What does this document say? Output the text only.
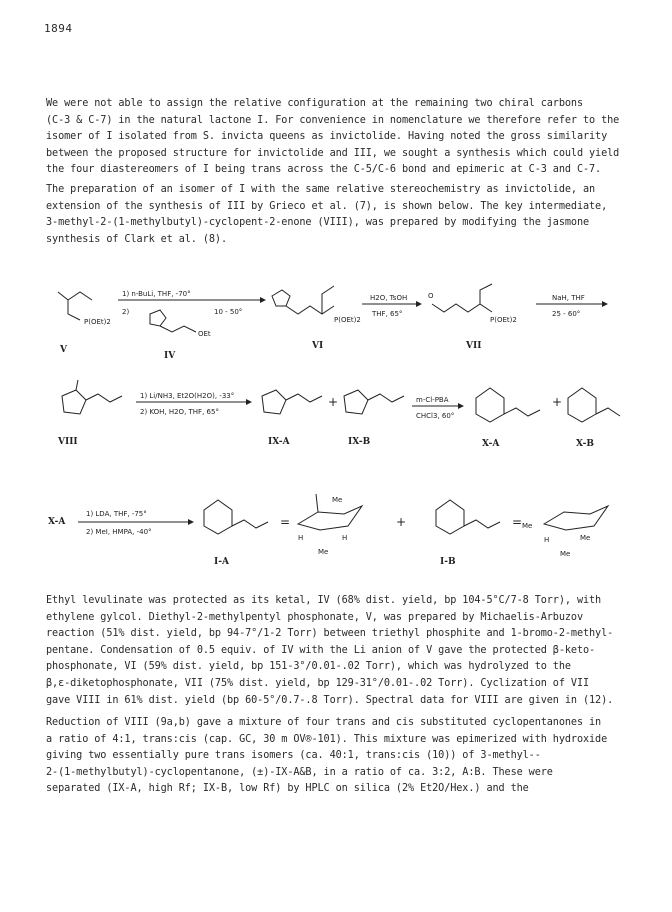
1894
We were not able to assign the relative configuration at the remaining two chiral carbons
(C-3 & C-7) in the natural lactone I. For convenience in nomenclature we therefore refer to the
isomer of I isolated from S. invicta queens as invictolide. Having noted the gross similarity
between the proposed structure for invictolide and III, we sought a synthesis which could yield
the four diastereomers of I being trans across the C-5/C-6 bond and epimeric at C-3 and C-7.
The preparation of an isomer of I with the same relative stereochemistry as invictolide, an
extension of the synthesis of III by Grieco et al. (7), is shown below. The key intermediate,
3-methyl-2-(1-methylbutyl)-cyclopent-2-enone (VIII), was prepared by modifying the jasmone
synthesis of Clark et al. (8).
P(OEt)2
V
1) n-BuLi, THF, -70°
2)	10 - 50°
OEt
IV
P(OEt)2
VI
H2O, TsOH
THF, 65°
O
P(OEt)2
VII
NaH, THF
25 - 60°
VIII
1) Li/NH3, Et2O(H2O), -33°
2) KOH, H2O, THF, 65°
IX-A
+
IX-B
m-Cl-PBA
CHCl3, 60°
X-A
+
X-B
X-A
1) LDA, THF, -75°
2) MeI, HMPA, -40°
I-A
=
Me
H	H
Me
+
I-B
= Me
H	Me
Me
Ethyl levulinate was protected as its ketal, IV (68% dist. yield, bp 104-5°C/7-8 Torr), with
ethylene gylcol. Diethyl-2-methylpentyl phosphonate, V, was prepared by Michaelis-Arbuzov
reaction (51% dist. yield, bp 94-7°/1-2 Torr) between triethyl phosphite and 1-bromo-2-methyl-
pentane. Condensation of 0.5 equiv. of IV with the Li anion of V gave the protected β-keto-
phosphonate, VI (59% dist. yield, bp 151-3°/0.01-.02 Torr), which was hydrolyzed to the
β,ε-diketophosphonate, VII (75% dist. yield, bp 129-31°/0.01-.02 Torr). Cyclization of VII
gave VIII in 61% dist. yield (bp 60-5°/0.7-.8 Torr). Spectral data for VIII are given in (12).
Reduction of VIII (9a,b) gave a mixture of four trans and cis substituted cyclopentanones in
a ratio of 4:1, trans:cis (cap. GC, 30 m OV®-101). This mixture was epimerized with hydroxide
giving two essentially pure trans isomers (ca. 40:1, trans:cis (10)) of 3-methyl--
2-(1-methylbutyl)-cyclopentanone, (±)-IX-A&B, in a ratio of ca. 3:2, A:B. These were
separated (IX-A, high Rf; IX-B, low Rf) by HPLC on silica (2% Et2O/Hex.) and the
